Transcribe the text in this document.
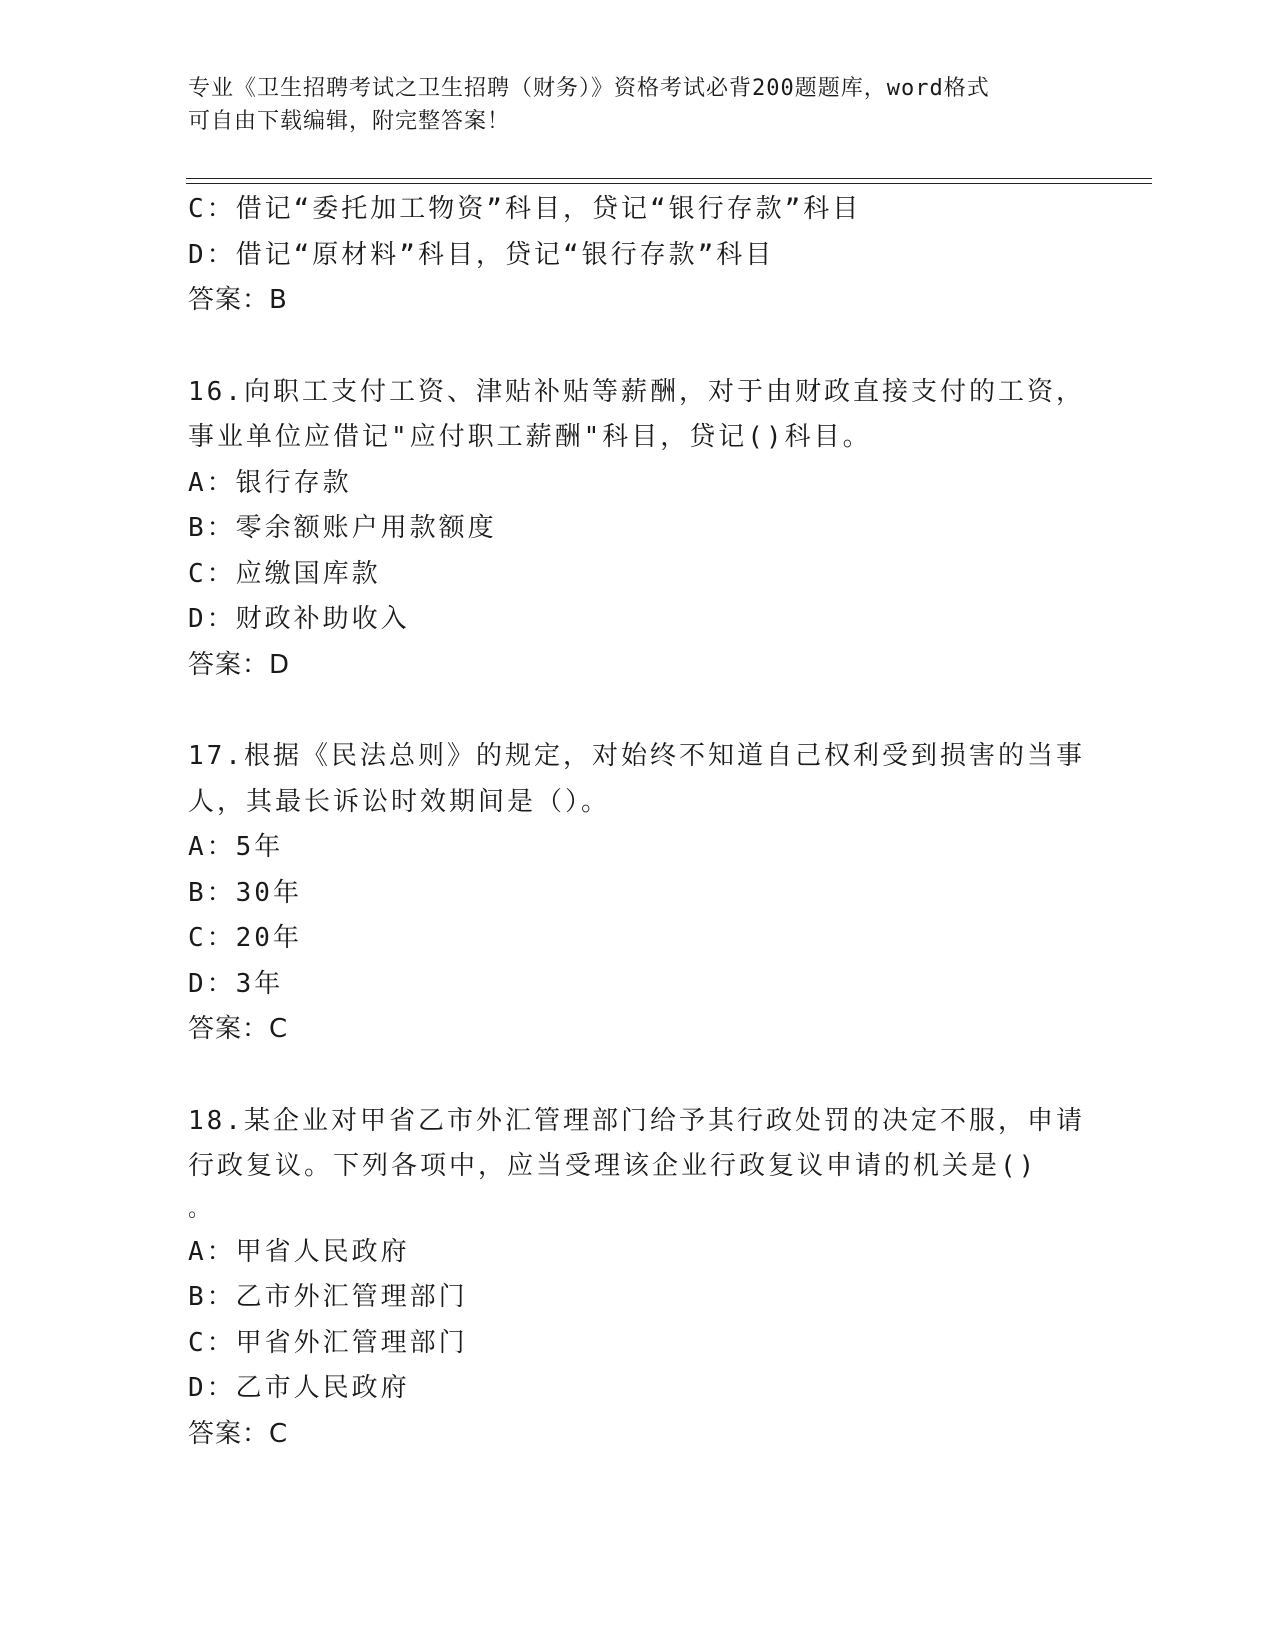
专业《卫生招聘考试之卫生招聘（财务）》资格考试必背200题题库，word格式
可自由下载编辑，附完整答案！
C：借记“委托加工物资”科目，贷记“银行存款”科目
D：借记“原材料”科目，贷记“银行存款”科目
答案：B
16.向职工支付工资、津贴补贴等薪酬，对于由财政直接支付的工资，
事业单位应借记"应付职工薪酬"科目，贷记()科目。
A：银行存款
B：零余额账户用款额度
C：应缴国库款
D：财政补助收入
答案：D
17.根据《民法总则》的规定，对始终不知道自己权利受到损害的当事
人，其最长诉讼时效期间是（）。
A：5年
B：30年
C：20年
D：3年
答案：C
18.某企业对甲省乙市外汇管理部门给予其行政处罚的决定不服，申请
行政复议。下列各项中，应当受理该企业行政复议申请的机关是()
。
A：甲省人民政府
B：乙市外汇管理部门
C：甲省外汇管理部门
D：乙市人民政府
答案：C
